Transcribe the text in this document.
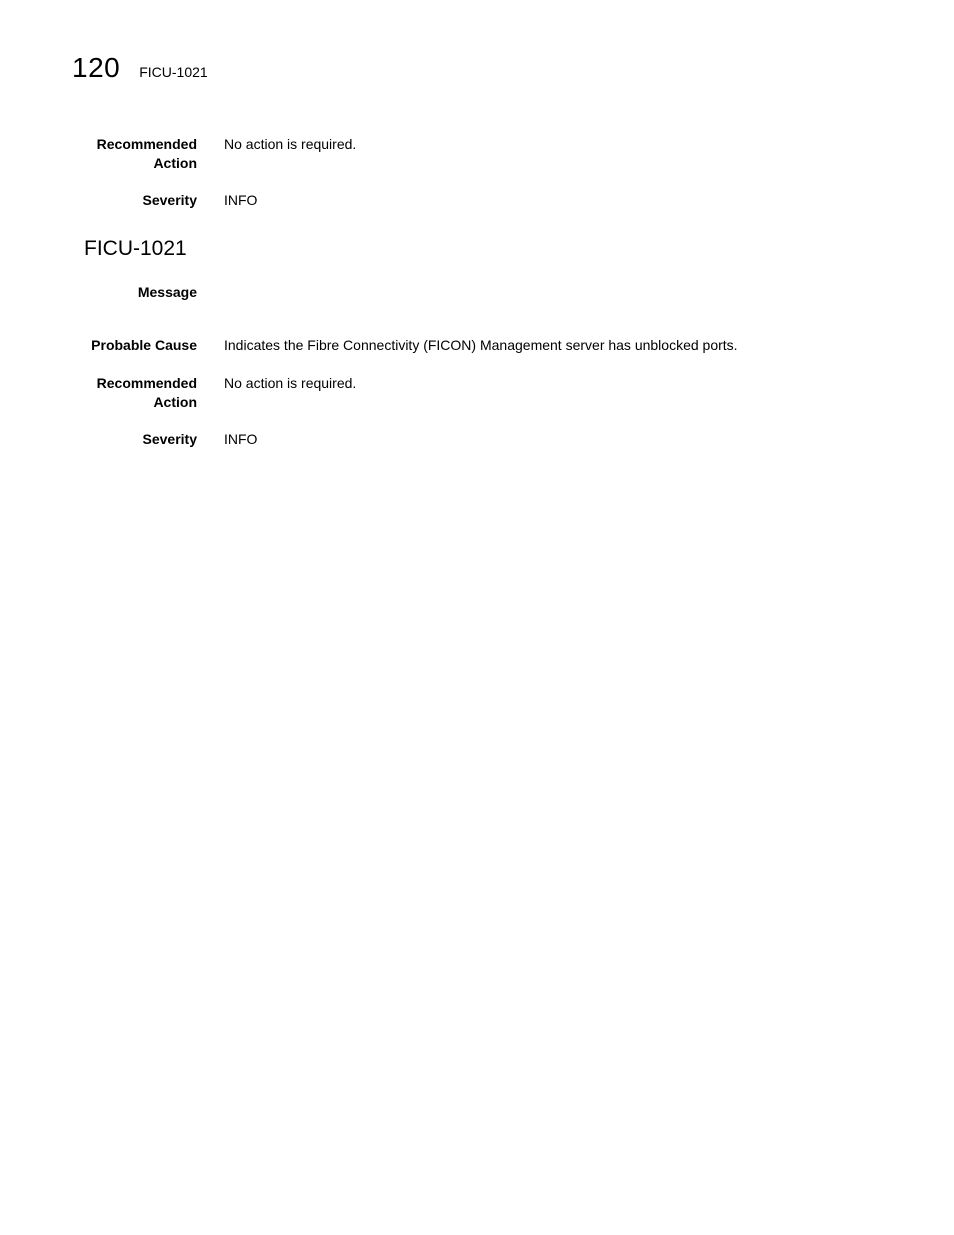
120 FICU-1021
Recommended
Action
No action is required.
Severity INFO
FICU-1021
Message
Probable Cause Indicates the Fibre Connectivity (FICON) Management server has unblocked ports.
Recommended
Action
No action is required.
Severity INFO
